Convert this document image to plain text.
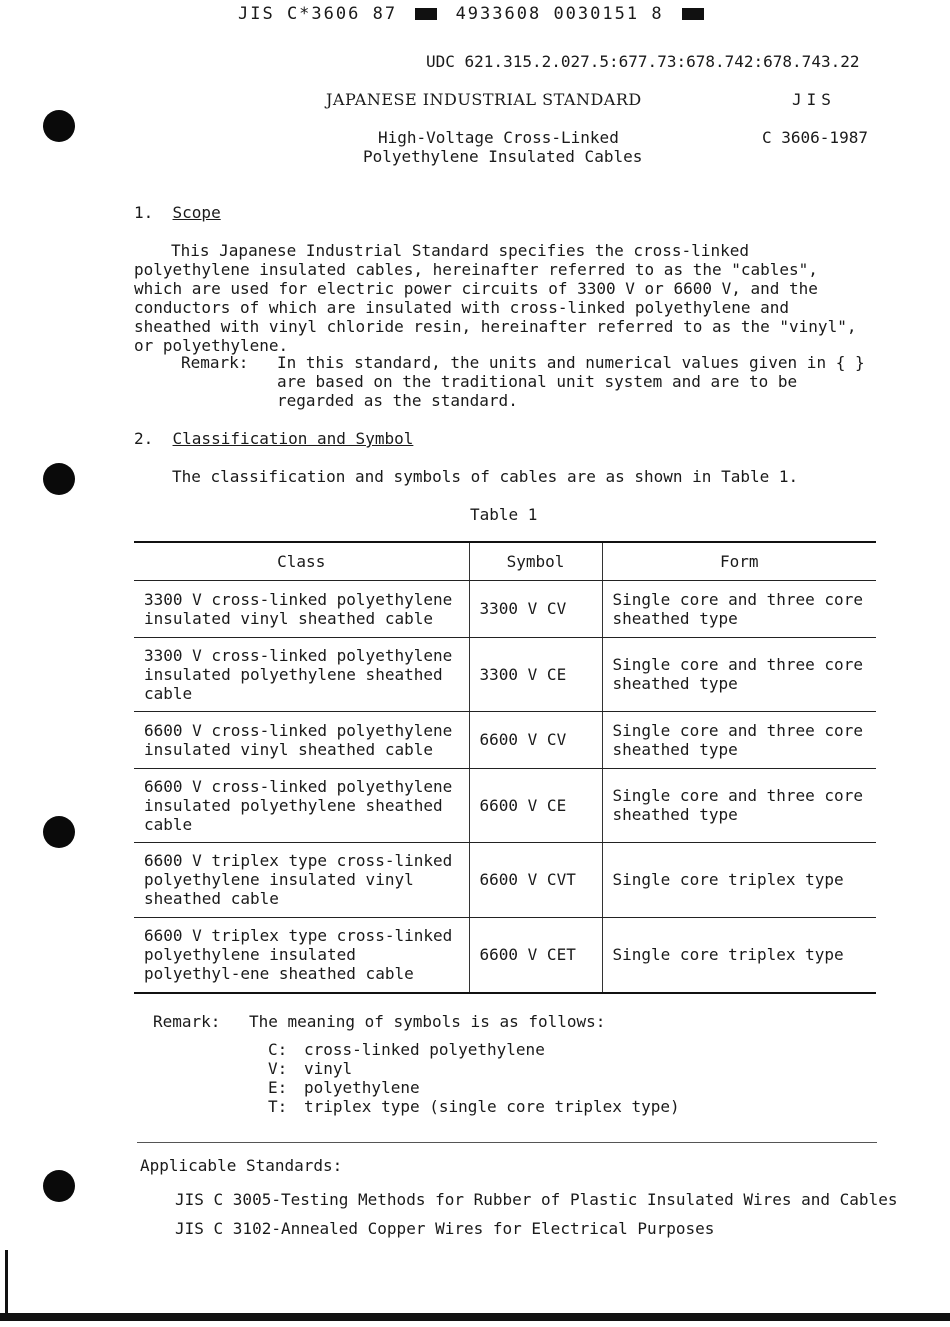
JIS C*3606 87	4933608 0030151 8
UDC 621.315.2.027.5:677.73:678.742:678.743.22
JAPANESE INDUSTRIAL STANDARD	JIS
High-Voltage Cross-Linked
Polyethylene Insulated Cables
C 3606-1987
1. Scope
This Japanese Industrial Standard specifies the cross-linked polyethylene insulated cables, hereinafter referred to as the "cables", which are used for electric power circuits of 3300 V or 6600 V, and the conductors of which are insulated with cross-linked polyethylene and sheathed with vinyl chloride resin, hereinafter referred to as the "vinyl", or polyethylene.
Remark: In this standard, the units and numerical values given in { } are based on the traditional unit system and are to be regarded as the standard.
2. Classification and Symbol
The classification and symbols of cables are as shown in Table 1.
Table 1
Class	Symbol	Form
3300 V cross-linked polyethylene insulated vinyl sheathed cable	3300 V CV	Single core and three core sheathed type
3300 V cross-linked polyethylene insulated polyethylene sheathed cable	3300 V CE	Single core and three core sheathed type
6600 V cross-linked polyethylene insulated vinyl sheathed cable	6600 V CV	Single core and three core sheathed type
6600 V cross-linked polyethylene insulated polyethylene sheathed cable	6600 V CE	Single core and three core sheathed type
6600 V triplex type cross-linked polyethylene insulated vinyl sheathed cable	6600 V CVT	Single core triplex type
6600 V triplex type cross-linked polyethylene insulated polyethyl-ene sheathed cable	6600 V CET	Single core triplex type
Remark: The meaning of symbols is as follows:
C: cross-linked polyethylene
V: vinyl
E: polyethylene
T: triplex type (single core triplex type)
Applicable Standards:
JIS C 3005-Testing Methods for Rubber of Plastic Insulated Wires and Cables
JIS C 3102-Annealed Copper Wires for Electrical Purposes
